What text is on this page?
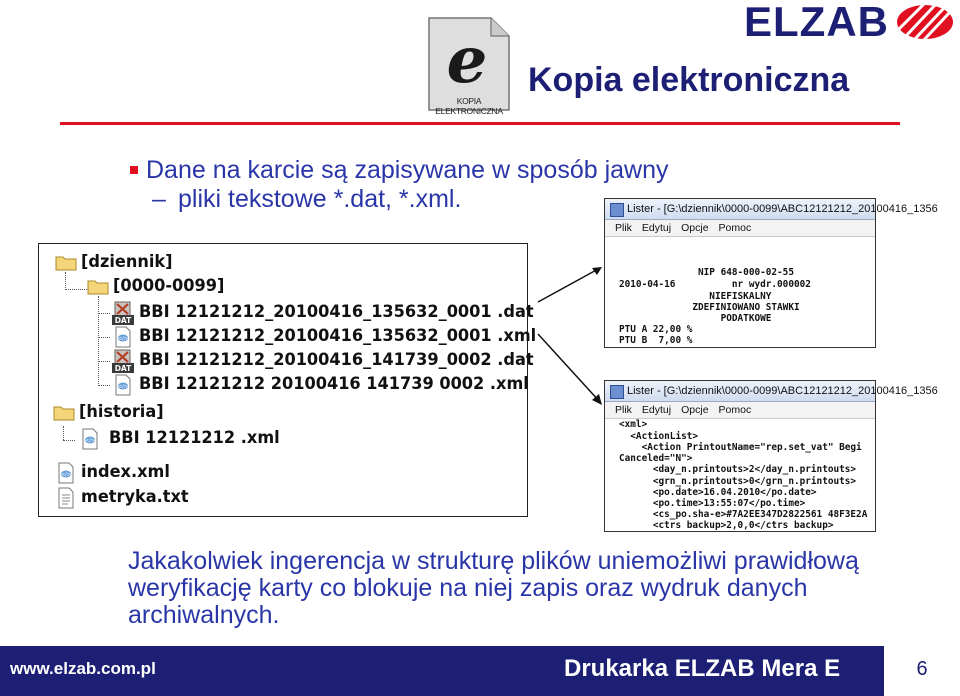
e
KOPIA ELEKTRONICZNA
ELZAB
Kopia elektroniczna
Dane na karcie są zapisywane w sposób jawny
– pliki tekstowe *.dat, *.xml.
[dziennik]
[0000-0099]
DAT BBI 12121212_20100416_135632_0001 .dat
</> BBI 12121212_20100416_135632_0001 .xml
DAT BBI 12121212_20100416_141739_0002 .dat
</> BBI 12121212 20100416 141739 0002 .xml
[historia]
</> BBI 12121212 .xml
</> index.xml
metryka.txt
Lister - [G:\dziennik\0000-0099\ABC12121212_20100416_1356
Plik Edytuj Opcje Pomoc
NIP 648-000-02-55
2010-04-16          nr wydr.000002
NIEFISKALNY
ZDEFINIOWANO STAWKI
PODATKOWE
PTU A 22,00 %
PTU B  7,00 %
Lister - [G:\dziennik\0000-0099\ABC12121212_20100416_1356
Plik Edytuj Opcje Pomoc
<xml>
<ActionList>
<Action PrintoutName="rep.set_vat" Begi
Canceled="N">
<day_n.printouts>2</day_n.printouts>
<grn_n.printouts>0</grn_n.printouts>
<po.date>16.04.2010</po.date>
<po.time>13:55:07</po.time>
<cs_po.sha-e>#7A2EE347D2822561 48F3E2A
<ctrs backup>2,0,0</ctrs backup>
Jakakolwiek ingerencja w strukturę plików uniemożliwi prawidłową weryfikację karty co blokuje na niej zapis oraz wydruk danych archiwalnych.
www.elzab.com.pl	Drukarka ELZAB Mera E	6
